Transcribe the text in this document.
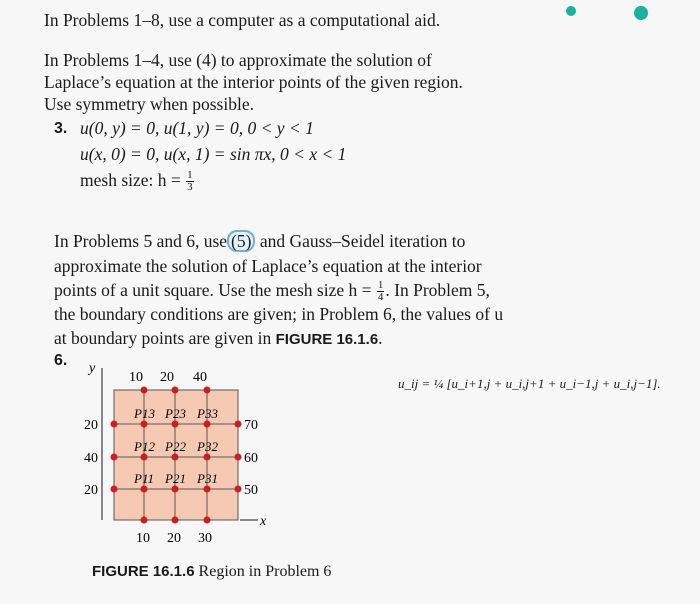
In Problems 1–8, use a computer as a computational aid.
In Problems 1–4, use (4) to approximate the solution of
Laplace’s equation at the interior points of the given region.
Use symmetry when possible.
3. u(0, y) = 0, u(1, y) = 0, 0 < y < 1
u(x, 0) = 0, u(x, 1) = sin πx, 0 < x < 1
mesh size: $h = \frac{1}{3}$
In Problems 5 and 6, use (5) and Gauss–Seidel iteration to
approximate the solution of Laplace’s equation at the interior
points of a unit square. Use the mesh size $h = \frac{1}{4}$ . In Problem 5,
the boundary conditions are given; in Problem 6, the values of u
at boundary points are given in FIGURE 16.1.6.
6.
u_ij = ¼ [u_i+1,j + u_i,j+1 + u_i−1,j + u_i,j−1].
y
x
10 20 40
10 20 30
20
40
20
70
60
50
P13 P23 P33
P12 P22 P32
P11 P21 P31
FIGURE 16.1.6 Region in Problem 6
